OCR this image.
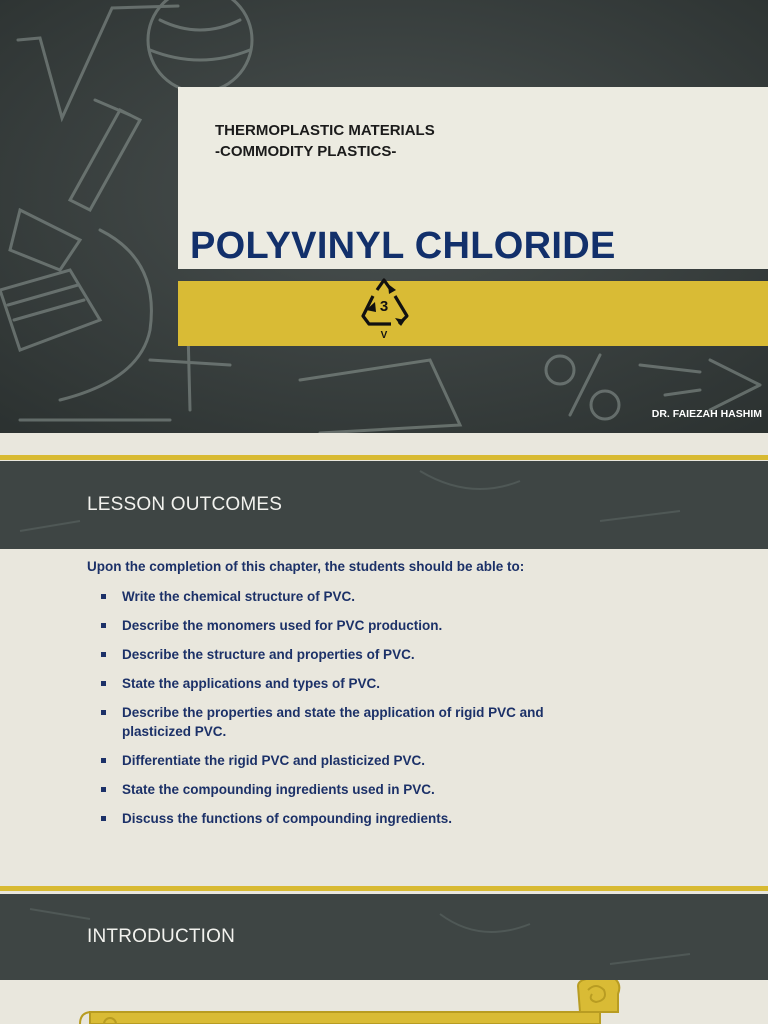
THERMOPLASTIC MATERIALS
-COMMODITY PLASTICS-
POLYVINYL CHLORIDE
3
V
DR. FAIEZAH HASHIM
LESSON OUTCOMES
Upon the completion of this chapter, the students should be able to:
Write the chemical structure of PVC.
Describe the monomers used for PVC production.
Describe the structure and properties of PVC.
State the applications and types of PVC.
Describe the properties and state the application of rigid PVC and plasticized PVC.
Differentiate the rigid PVC and plasticized PVC.
State the compounding ingredients used in PVC.
Discuss the functions of compounding ingredients.
INTRODUCTION
